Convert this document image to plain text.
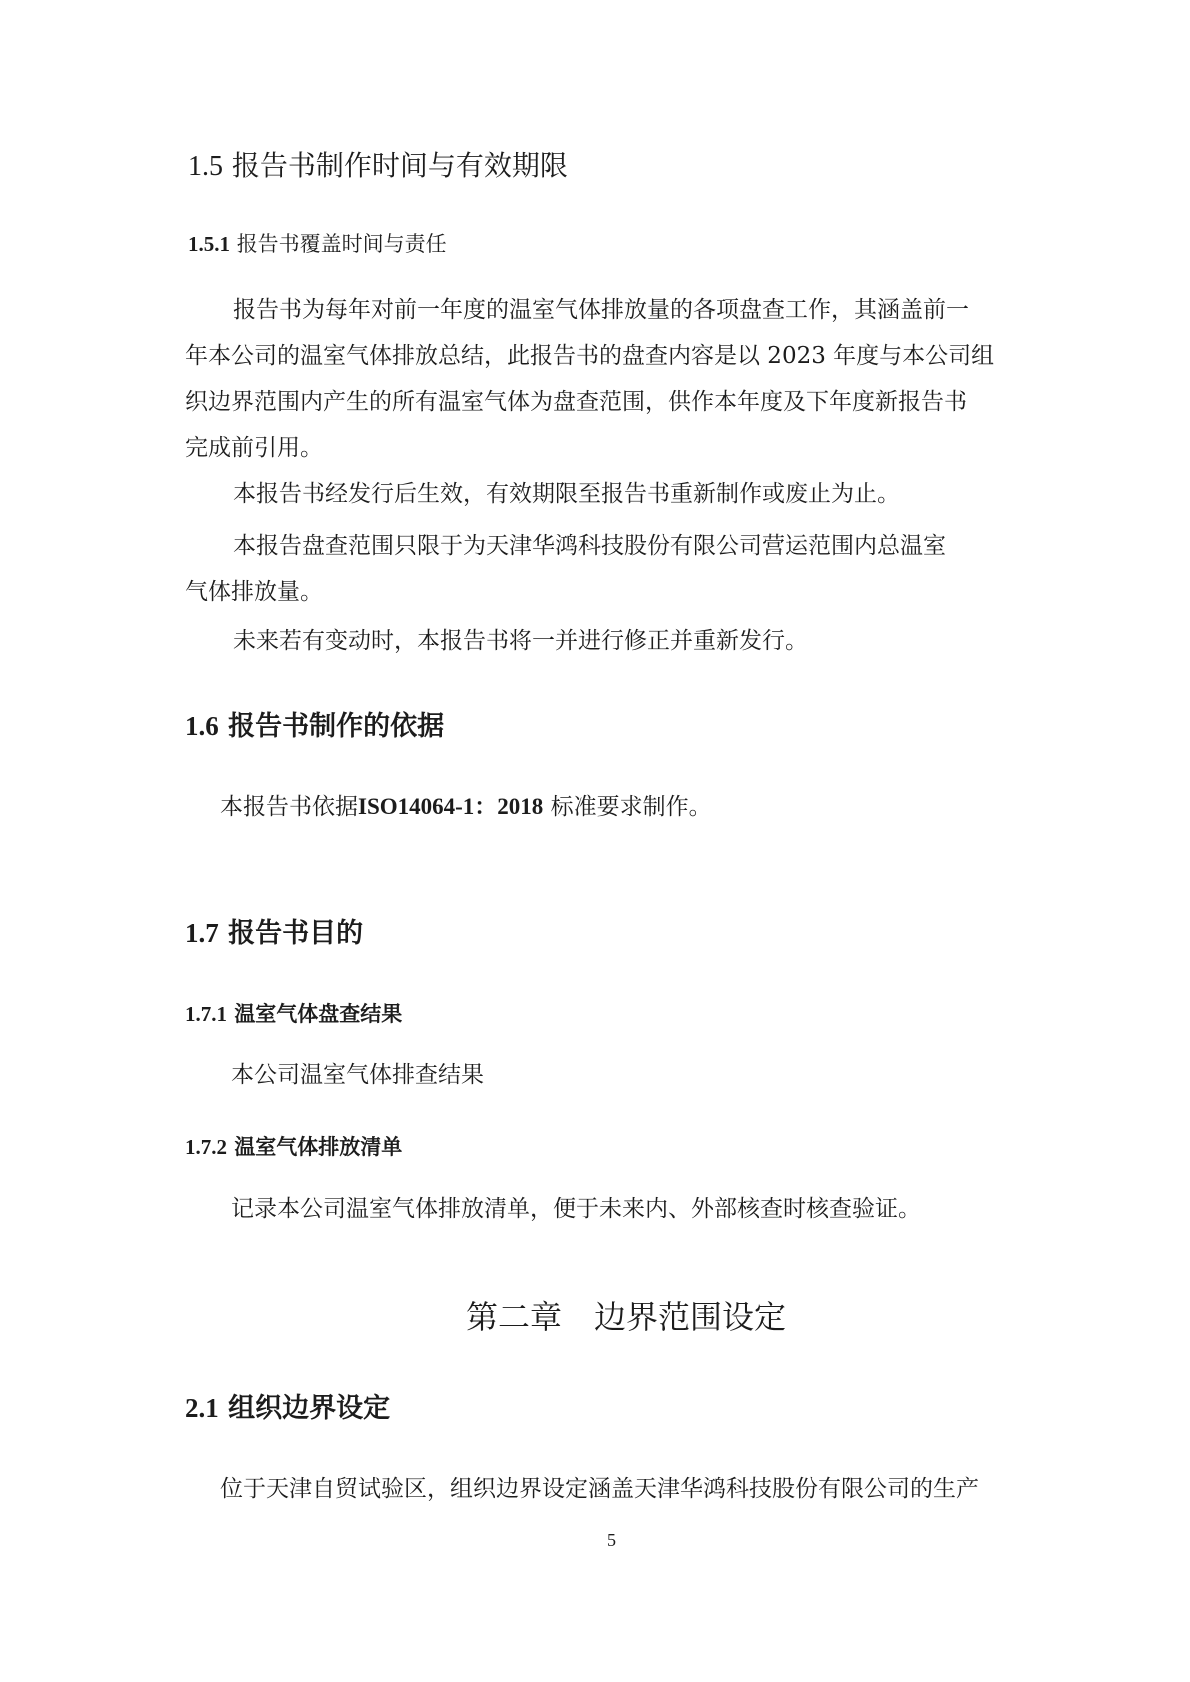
1.5 报告书制作时间与有效期限
1.5.1 报告书覆盖时间与责任
报告书为每年对前一年度的温室气体排放量的各项盘查工作，其涵盖前一
年本公司的温室气体排放总结，此报告书的盘查内容是以 2023 年度与本公司组
织边界范围内产生的所有温室气体为盘查范围，供作本年度及下年度新报告书
完成前引用。
本报告书经发行后生效，有效期限至报告书重新制作或废止为止。
本报告盘查范围只限于为天津华鸿科技股份有限公司营运范围内总温室
气体排放量。
未来若有变动时，本报告书将一并进行修正并重新发行。
1.6 报告书制作的依据
本报告书依据ISO14064-1：2018 标准要求制作。
1.7 报告书目的
1.7.1 温室气体盘查结果
本公司温室气体排查结果
1.7.2 温室气体排放清单
记录本公司温室气体排放清单，便于未来内、外部核查时核查验证。
第二章　边界范围设定
2.1 组织边界设定
位于天津自贸试验区，组织边界设定涵盖天津华鸿科技股份有限公司的生产
5
